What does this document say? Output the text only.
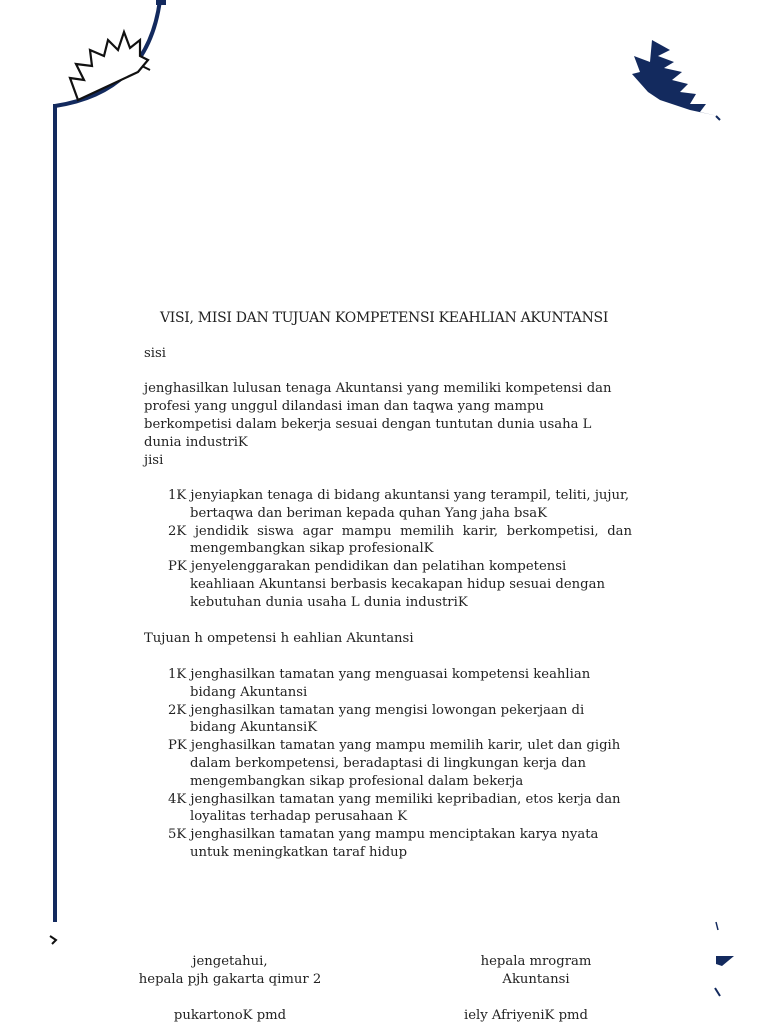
VISI, MISI DAN TUJUAN KOMPETENSI KEAHLIAN AKUNTANSI
sisi
jenghasilkan lulusan tenaga Akuntansi yang memiliki kompetensi dan profesi yang unggul dilandasi iman dan taqwa yang mampu berkompetisi dalam bekerja sesuai dengan tuntutan dunia usaha L dunia industriK
jisi
1K jenyiapkan tenaga di bidang akuntansi yang terampil, teliti, jujur, bertaqwa dan beriman kepada quhan Yang jaha bsaK
2K jendidik siswa agar mampu memilih karir, berkompetisi, dan mengembangkan sikap profesionalK
PK jenyelenggarakan pendidikan dan pelatihan kompetensi keahliaan Akuntansi berbasis kecakapan hidup sesuai dengan kebutuhan dunia usaha L dunia industriK
Tujuan h ompetensi h eahlian Akuntansi
1K jenghasilkan tamatan yang menguasai kompetensi keahlian bidang Akuntansi
2K jenghasilkan tamatan yang mengisi lowongan pekerjaan di bidang AkuntansiK
PK jenghasilkan tamatan yang mampu memilih karir, ulet dan gigih dalam berkompetensi, beradaptasi di lingkungan kerja dan mengembangkan sikap profesional dalam bekerja
4K jenghasilkan tamatan yang memiliki kepribadian, etos kerja dan loyalitas terhadap perusahaan K
5K jenghasilkan tamatan yang mampu menciptakan karya nyata untuk meningkatkan taraf hidup
jengetahui,
hepala pjh gakarta qimur 2
pukartonoK pmd
hepala mrogram
Akuntansi
iely AfriyeniK pmd
